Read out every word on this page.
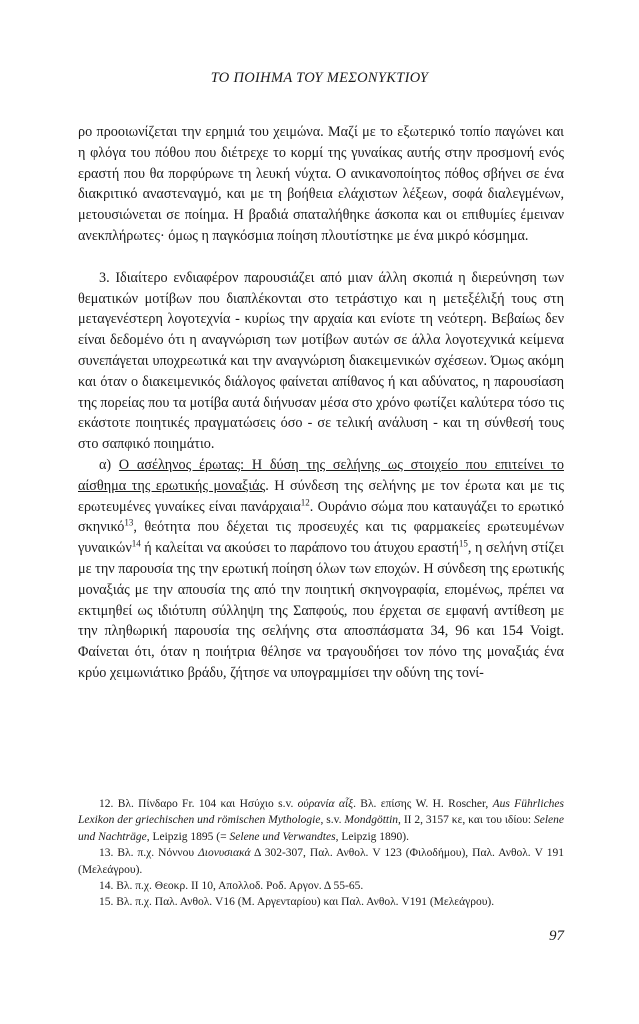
ΤΟ ΠΟΙΗΜΑ ΤΟΥ ΜΕΣΟΝΥΚΤΙΟΥ

ρο προοιωνίζεται την ερημιά του χειμώνα. Μαζί με το εξωτερικό τοπίο παγώνει και η φλόγα του πόθου που διέτρεχε το κορμί της γυναίκας αυτής στην προσμονή ενός εραστή που θα πορφύρωνε τη λευκή νύχτα. Ο ανικανοποίητος πόθος σβήνει σε ένα διακριτικό αναστεναγμό, και με τη βοήθεια ελάχιστων λέξεων, σοφά διαλεγμένων, μετουσιώνεται σε ποίημα. Η βραδιά σπαταλήθηκε άσκοπα και οι επιθυμίες έμειναν ανεκπλήρωτες· όμως η παγκόσμια ποίηση πλουτίστηκε με ένα μικρό κόσμημα.

3. Ιδιαίτερο ενδιαφέρον παρουσιάζει από μιαν άλλη σκοπιά η διερεύνηση των θεματικών μοτίβων που διαπλέκονται στο τετράστιχο και η μετεξέλιξή τους στη μεταγενέστερη λογοτεχνία - κυρίως την αρχαία και ενίοτε τη νεότερη. Βεβαίως δεν είναι δεδομένο ότι η αναγνώριση των μοτίβων αυτών σε άλλα λογοτεχνικά κείμενα συνεπάγεται υποχρεωτικά και την αναγνώριση διακειμενικών σχέσεων. Όμως ακόμη και όταν ο διακειμενικός διάλογος φαίνεται απίθανος ή και αδύνατος, η παρουσίαση της πορείας που τα μοτίβα αυτά διήνυσαν μέσα στο χρόνο φωτίζει καλύτερα τόσο τις εκάστοτε ποιητικές πραγματώσεις όσο - σε τελική ανάλυση - και τη σύνθεσή τους στο σαπφικό ποιημάτιο.

α) Ο ασέληνος έρωτας: Η δύση της σελήνης ως στοιχείο που επιτείνει το αίσθημα της ερωτικής μοναξιάς. Η σύνδεση της σελήνης με τον έρωτα και με τις ερωτευμένες γυναίκες είναι πανάρχαια$^{12}$. Ουράνιο σώμα που καταυγάζει το ερωτικό σκηνικό$^{13}$, θεότητα που δέχεται τις προσευχές και τις φαρμακείες ερωτευμένων γυναικών$^{14}$ ή καλείται να ακούσει το παράπονο του άτυχου εραστή$^{15}$, η σελήνη στίζει με την παρουσία της την ερωτική ποίηση όλων των εποχών. Η σύνδεση της ερωτικής μοναξιάς με την απουσία της από την ποιητική σκηνογραφία, επομένως, πρέπει να εκτιμηθεί ως ιδιότυπη σύλληψη της Σαπφούς, που έρχεται σε εμφανή αντίθεση με την πληθωρική παρουσία της σελήνης στα αποσπάσματα 34, 96 και 154 Voigt. Φαίνεται ότι, όταν η ποιήτρια θέλησε να τραγουδήσει τον πόνο της μοναξιάς ένα κρύο χειμωνιάτικο βράδυ, ζήτησε να υπογραμμίσει την οδύνη της τονί-

12. Βλ. Πίνδαρο Fr. 104 και Ησύχιο s.v. οὐρανία αἶξ. Βλ. επίσης W. H. Roscher, Aus Führliches Lexikon der griechischen und römischen Mythologie, s.v. Mondgöttin, II 2, 3157 κε, και του ιδίου: Selene und Nachträge, Leipzig 1895 (= Selene und Verwandtes, Leipzig 1890).

13. Βλ. π.χ. Νόννου Διονυσιακά Δ 302-307, Παλ. Ανθολ. V 123 (Φιλοδήμου), Παλ. Ανθολ. V 191 (Μελεάγρου).

14. Βλ. π.χ. Θεοκρ. ΙΙ 10, Απολλοδ. Ροδ. Αργον. Δ 55-65.

15. Βλ. π.χ. Παλ. Ανθολ. V16 (Μ. Αργενταρίου) και Παλ. Ανθολ. V191 (Μελεάγρου).

97
